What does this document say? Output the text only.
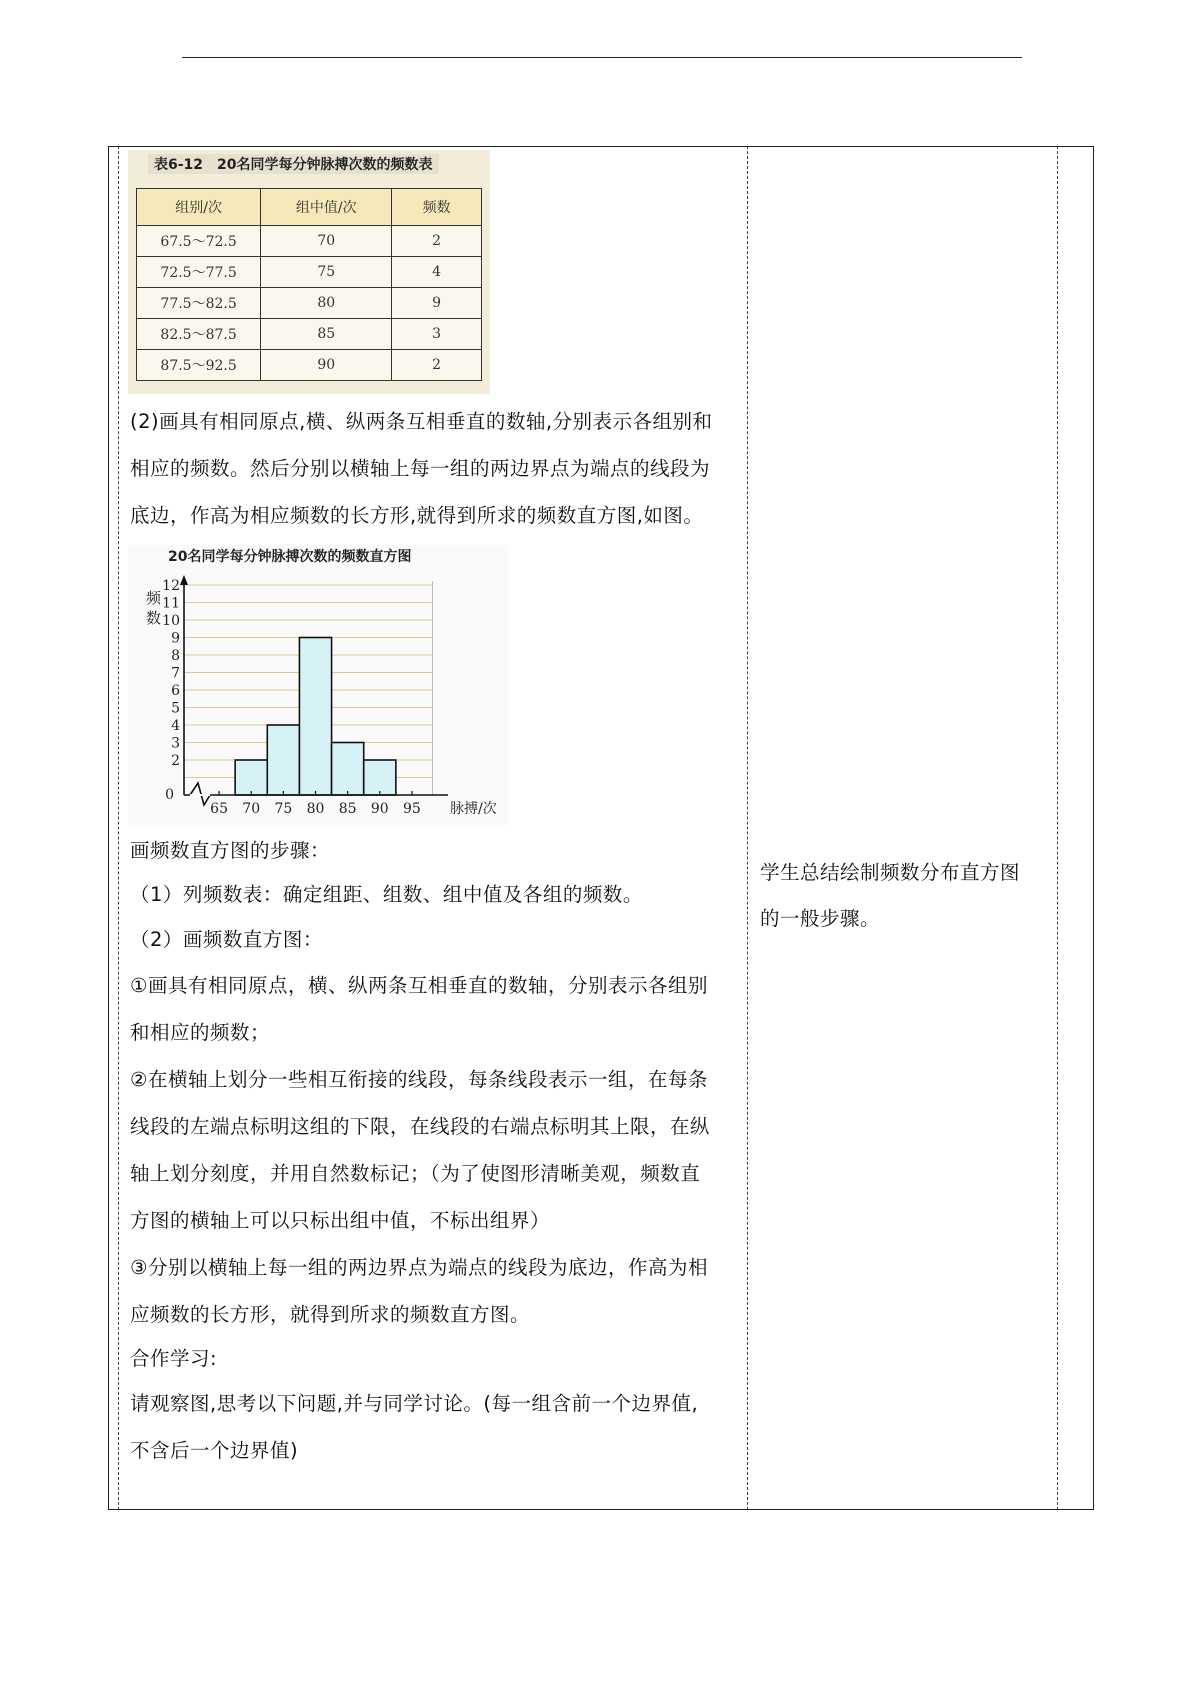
表6-12 20名同学每分钟脉搏次数的频数表
组别/次	组中值/次	频数
67.5～72.5	70	2
72.5～77.5	75	4
77.5～82.5	80	9
82.5～87.5	85	3
87.5～92.5	90	2

(2)画具有相同原点,横、纵两条互相垂直的数轴,分别表示各组别和

相应的频数。然后分别以横轴上每一组的两边界点为端点的线段为

底边，作高为相应频数的长方形,就得到所求的频数直方图,如图。

20名同学每分钟脉搏次数的频数直方图
2
3
4
5
6
7
8
9
10
11
12
0
频
数
65 70 75 80 85 90 95 脉搏/次

画频数直方图的步骤：

（1）列频数表：确定组距、组数、组中值及各组的频数。

（2）画频数直方图：

①画具有相同原点，横、纵两条互相垂直的数轴，分别表示各组别

和相应的频数；

②在横轴上划分一些相互衔接的线段，每条线段表示一组，在每条

线段的左端点标明这组的下限，在线段的右端点标明其上限，在纵

轴上划分刻度，并用自然数标记；（为了使图形清晰美观，频数直

方图的横轴上可以只标出组中值，不标出组界）

③分别以横轴上每一组的两边界点为端点的线段为底边，作高为相

应频数的长方形，就得到所求的频数直方图。

合作学习:

请观察图,思考以下问题,并与同学讨论。(每一组含前一个边界值,

不含后一个边界值)

学生总结绘制频数分布直方图
的一般步骤。
